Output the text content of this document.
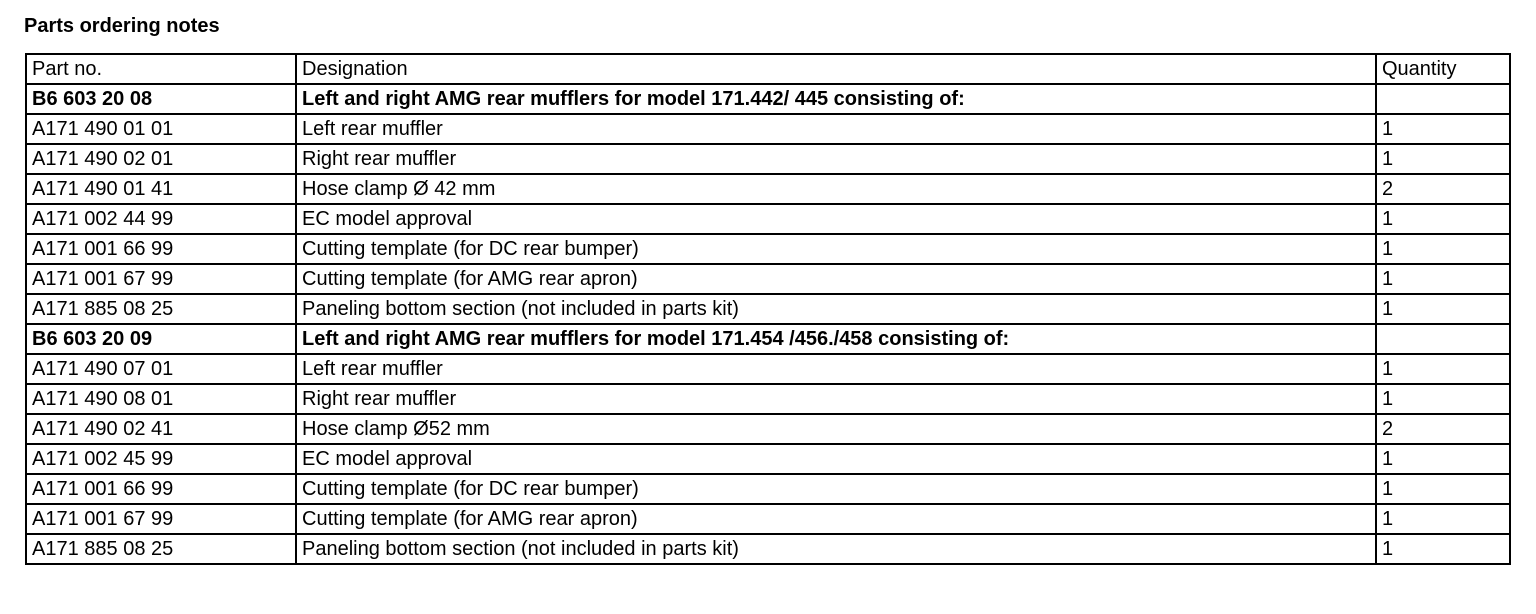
Parts ordering notes
Part no.	Designation	Quantity
B6 603 20 08	Left and right AMG rear mufflers for model 171.442/ 445 consisting of:	
A171 490 01 01	Left rear muffler	1
A171 490 02 01	Right rear muffler	1
A171 490 01 41	Hose clamp Ø 42 mm	2
A171 002 44 99	EC model approval	1
A171 001 66 99	Cutting template (for DC rear bumper)	1
A171 001 67 99	Cutting template (for AMG rear apron)	1
A171 885 08 25	Paneling bottom section (not included in parts kit)	1
B6 603 20 09	Left and right AMG rear mufflers for model 171.454 /456./458 consisting of:	
A171 490 07 01	Left rear muffler	1
A171 490 08 01	Right rear muffler	1
A171 490 02 41	Hose clamp Ø52 mm	2
A171 002 45 99	EC model approval	1
A171 001 66 99	Cutting template (for DC rear bumper)	1
A171 001 67 99	Cutting template (for AMG rear apron)	1
A171 885 08 25	Paneling bottom section (not included in parts kit)	1
